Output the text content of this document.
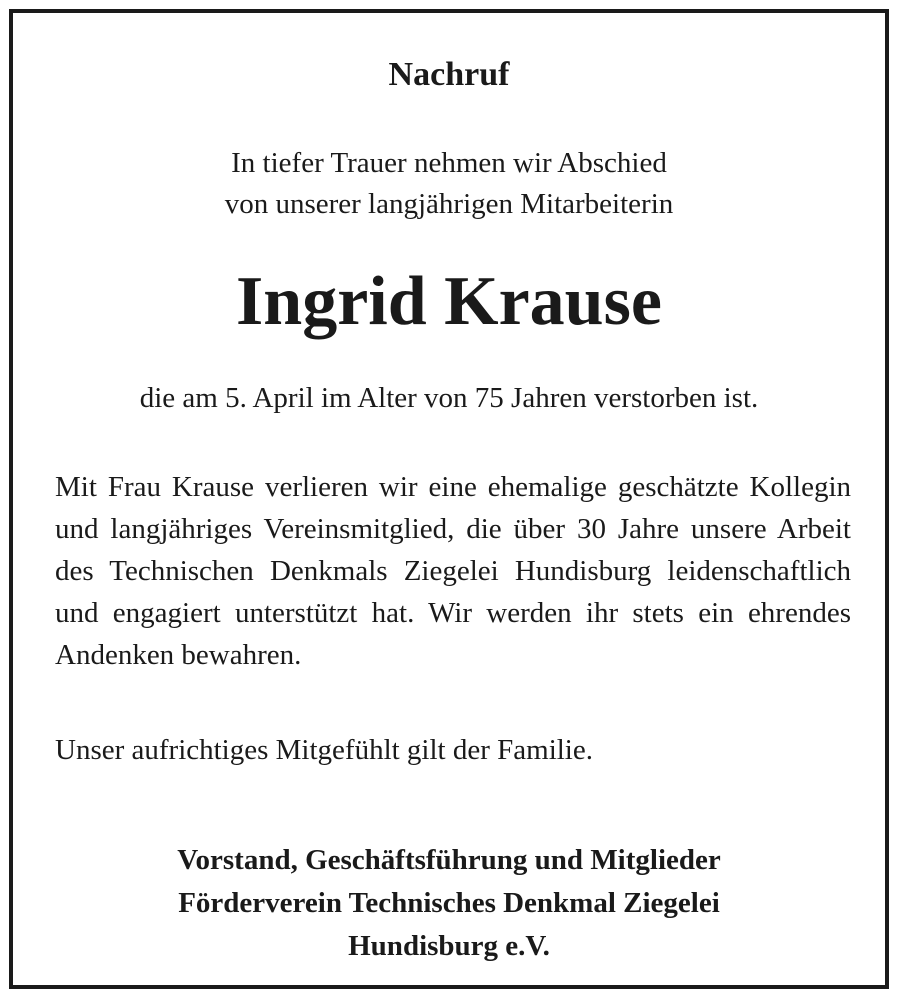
Nachruf
In tiefer Trauer nehmen wir Abschied
von unserer langjährigen Mitarbeiterin
Ingrid Krause
die am 5. April im Alter von 75 Jahren verstorben ist.
Mit Frau Krause verlieren wir eine ehemalige geschätzte Kollegin und langjähriges Vereinsmitglied, die über 30 Jahre unsere Arbeit des Technischen Denkmals Ziegelei Hundisburg leidenschaftlich und engagiert unterstützt hat. Wir werden ihr stets ein ehrendes Andenken bewahren.
Unser aufrichtiges Mitgefühlt gilt der Familie.
Vorstand, Geschäftsführung und Mitglieder
Förderverein Technisches Denkmal Ziegelei
Hundisburg e.V.
